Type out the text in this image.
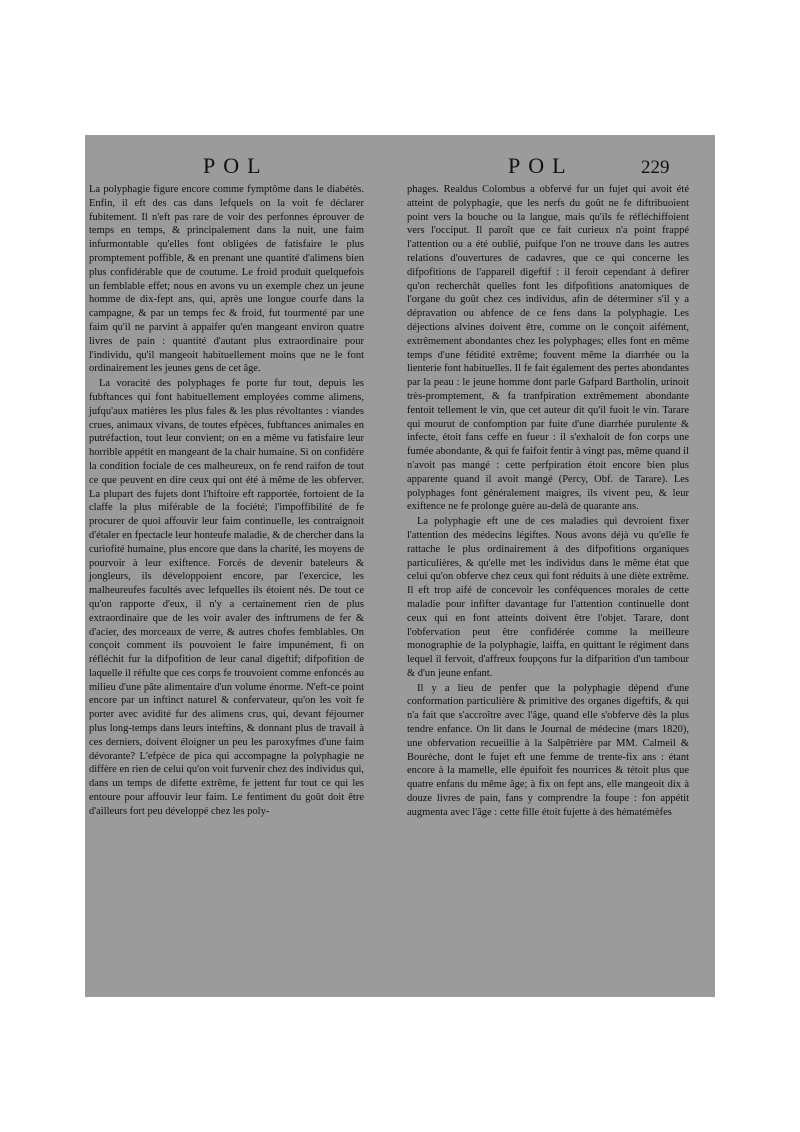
POL	POL	229

La polyphagie figure encore comme fymptôme dans le diabétès. Enfin, il eft des cas dans lefquels on la voit fe déclarer fubitement. Il n'eft pas rare de voir des perfonnes éprouver de temps en temps, & principalement dans la nuit, une faim infurmontable qu'elles font obligées de fatisfaire le plus promptement poffible, & en prenant une quantité d'alimens bien plus confidérable que de coutume. Le froid produit quelquefois un femblable effet; nous en avons vu un exemple chez un jeune homme de dix-fept ans, qui, après une longue courfe dans la campagne, & par un temps fec & froid, fut tourmenté par une faim qu'il ne parvint à appaifer qu'en mangeant environ quatre livres de pain : quantité d'autant plus extraordinaire pour l'individu, qu'il mangeoit habituellement moins que ne le font ordinairement les jeunes gens de cet âge.

La voracité des polyphages fe porte fur tout, depuis les fubftances qui font habituellement employées comme alimens, jufqu'aux matières les plus fales & les plus révoltantes : viandes crues, animaux vivans, de toutes efpèces, fubftances animales en putréfaction, tout leur convient; on en a même vu fatisfaire leur horrible appétit en mangeant de la chair humaine. Si on confidère la condition fociale de ces malheureux, on fe rend raifon de tout ce que peuvent en dire ceux qui ont été à même de les obferver. La plupart des fujets dont l'hiftoire eft rapportée, fortoient de la claffe la plus miférable de la fociété; l'impoffibilité de fe procurer de quoi affouvir leur faim continuelle, les contraignoit d'étaler en fpectacle leur honteufe maladie, & de chercher dans la curiofité humaine, plus encore que dans la charité, les moyens de pourvoir à leur exiftence. Forcés de devenir bateleurs & jongleurs, ils développoient encore, par l'exercice, les malheureufes facultés avec lefquelles ils étoient nés. De tout ce qu'on rapporte d'eux, il n'y a certainement rien de plus extraordinaire que de les voir avaler des inftrumens de fer & d'acier, des morceaux de verre, & autres chofes femblables. On conçoit comment ils pouvoient le faire impunément, fi on réfléchit fur la difpofition de leur canal digeftif; difpofition de laquelle il réfulte que ces corps fe trouvoient comme enfoncés au milieu d'une pâte alimentaire d'un volume énorme. N'eft-ce point encore par un inftinct naturel & confervateur, qu'on les voit fe porter avec avidité fur des alimens crus, qui, devant féjourner plus long-temps dans leurs inteftins, & donnant plus de travail à ces derniers, doivent éloigner un peu les paroxyfmes d'une faim dévorante? L'efpèce de pica qui accompagne la polyphagie ne diffère en rien de celui qu'on voit furvenir chez des individus qui, dans un temps de difette extrême, fe jettent fur tout ce qui les entoure pour affouvir leur faim. Le fentiment du goût doit être d'ailleurs fort peu développé chez les poly-

phages. Realdus Colombus a obfervé fur un fujet qui avoit été atteint de polyphagie, que les nerfs du goût ne fe diftribuoient point vers la bouche ou la langue, mais qu'ils fe réfléchiffoient vers l'occiput. Il paroît que ce fait curieux n'a point frappé l'attention ou a été oublié, puifque l'on ne trouve dans les autres relations d'ouvertures de cadavres, que ce qui concerne les difpofitions de l'appareil digeftif : il feroit cependant à defirer qu'on recherchât quelles font les difpofitions anatomiques de l'organe du goût chez ces individus, afin de déterminer s'il y a dépravation ou abfence de ce fens dans la polyphagie. Les déjections alvines doivent être, comme on le conçoit aifément, extrêmement abondantes chez les polyphages; elles font en même temps d'une fétidité extrême; fouvent même la diarrhée ou la lienterie font habituelles. Il fe fait également des pertes abondantes par la peau : le jeune homme dont parle Gafpard Bartholin, urinoit très-promptement, & fa tranfpiration extrêmement abondante fentoit tellement le vin, que cet auteur dit qu'il fuoit le vin. Tarare qui mourut de confomption par fuite d'une diarrhée purulente & infecte, étoit fans ceffe en fueur : il s'exhaloit de fon corps une fumée abondante, & qui fe faifoit fentir à vingt pas, même quand il n'avoit pas mangé : cette perfpiration étoit encore bien plus apparente quand il avoit mangé (Percy, Obf. de Tarare). Les polyphages font généralement maigres, ils vivent peu, & leur exiftence ne fe prolonge guère au-delà de quarante ans.

La polyphagie eft une de ces maladies qui devroient fixer l'attention des médecins légiftes. Nous avons déjà vu qu'elle fe rattache le plus ordinairement à des difpofitions organiques particulières, & qu'elle met les individus dans le même état que celui qu'on obferve chez ceux qui font réduits à une diète extrême. Il eft trop aifé de concevoir les conféquences morales de cette maladie pour infifter davantage fur l'attention continuelle dont ceux qui en font atteints doivent être l'objet. Tarare, dont l'obfervation peut être confidérée comme la meilleure monographie de la polyphagie, laiffa, en quittant le régiment dans lequel il fervoit, d'affreux foupçons fur la difparition d'un tambour & d'un jeune enfant.

Il y a lieu de penfer que la polyphagie dépend d'une conformation particulière & primitive des organes digeftifs, & qui n'a fait que s'accroître avec l'âge, quand elle s'obferve dès la plus tendre enfance. On lit dans le Journal de médecine (mars 1820), une obfervation recueillie à la Salpêtrière par MM. Calmeil & Bourèche, dont le fujet eft une femme de trente-fix ans : étant encore à la mamelle, elle épuifoit fes nourrices & tétoit plus que quatre enfans du même âge; à fix on fept ans, elle mangeoit dix à douze livres de pain, fans y comprendre la foupe : fon appétit augmenta avec l'âge : cette fille étoit fujette à des hématémèfes
